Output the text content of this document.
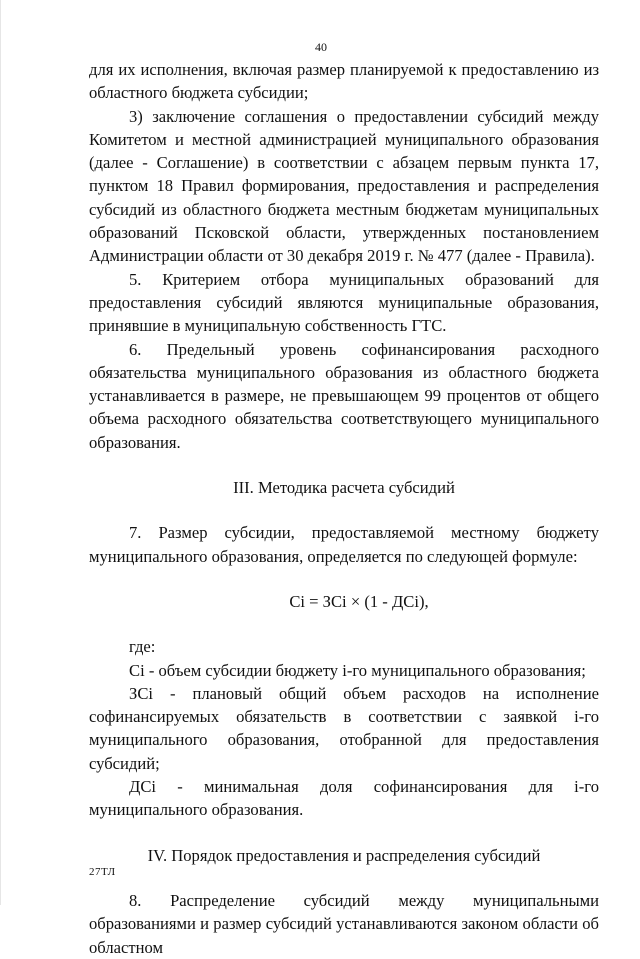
40

для их исполнения, включая размер планируемой к предоставлению из областного бюджета субсидии;

3) заключение соглашения о предоставлении субсидий между Комитетом и местной администрацией муниципального образования (далее - Соглашение) в соответствии с абзацем первым пункта 17, пунктом 18 Правил формирования, предоставления и распределения субсидий из областного бюджета местным бюджетам муниципальных образований Псковской области, утвержденных постановлением Администрации области от 30 декабря 2019 г. № 477 (далее - Правила).

5. Критерием отбора муниципальных образований для предоставления субсидий являются муниципальные образования, принявшие в муниципальную собственность ГТС.

6. Предельный уровень софинансирования расходного обязательства муниципального образования из областного бюджета устанавливается в размере, не превышающем 99 процентов от общего объема расходного обязательства соответствующего муниципального образования.

III. Методика расчета субсидий

7. Размер субсидии, предоставляемой местному бюджету муниципального образования, определяется по следующей формуле:

Ci = ЗCi × (1 - ДCi),

где:

Ci - объем субсидии бюджету i-го муниципального образования;

ЗCi - плановый общий объем расходов на исполнение софинансируемых обязательств в соответствии с заявкой i-го муниципального образования, отобранной для предоставления субсидий;

ДCi - минимальная доля софинансирования для i-го муниципального образования.

IV. Порядок предоставления и распределения субсидий

8. Распределение субсидий между муниципальными образованиями и размер субсидий устанавливаются законом области об областном

27ТЛ
